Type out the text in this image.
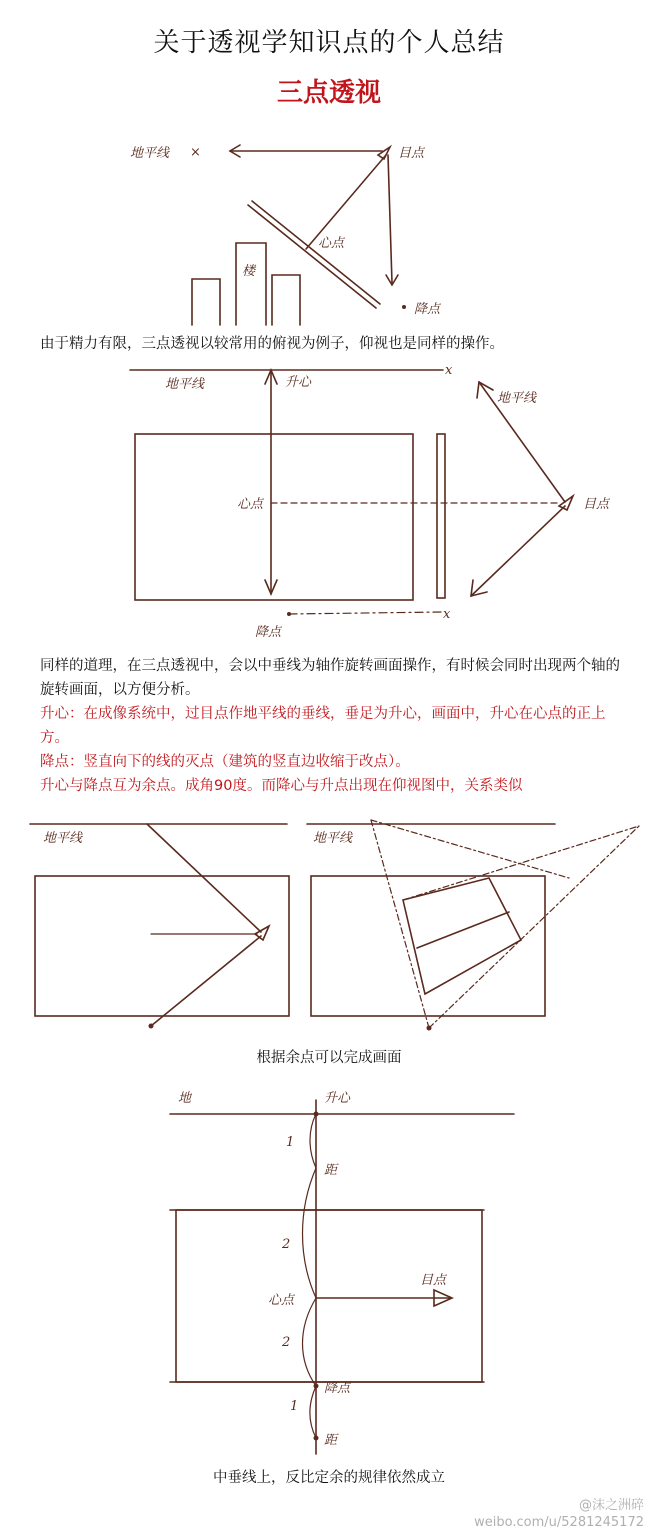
关于透视学知识点的个人总结
三点透视
地平线 ×	目点
心点
降点
楼
由于精力有限，三点透视以较常用的俯视为例子，仰视也是同样的操作。
地平线
x
升心
心点	目点
地平线
x
降点
同样的道理，在三点透视中，会以中垂线为轴作旋转画面操作，有时候会同时出现两个轴的旋转画面，以方便分析。
升心：在成像系统中，过目点作地平线的垂线，垂足为升心，画面中，升心在心点的正上方。
降点：竖直向下的线的灭点（建筑的竖直边收缩于改点）。
升心与降点互为余点。成角90度。而降心与升点出现在仰视图中，关系类似
地平线	地平线
根据余点可以完成画面
地	升心
1
2
2
1
距
心点
目点
降点
距
中垂线上，反比定余的规律依然成立
@沫之洲碎
weibo.com/u/5281245172
